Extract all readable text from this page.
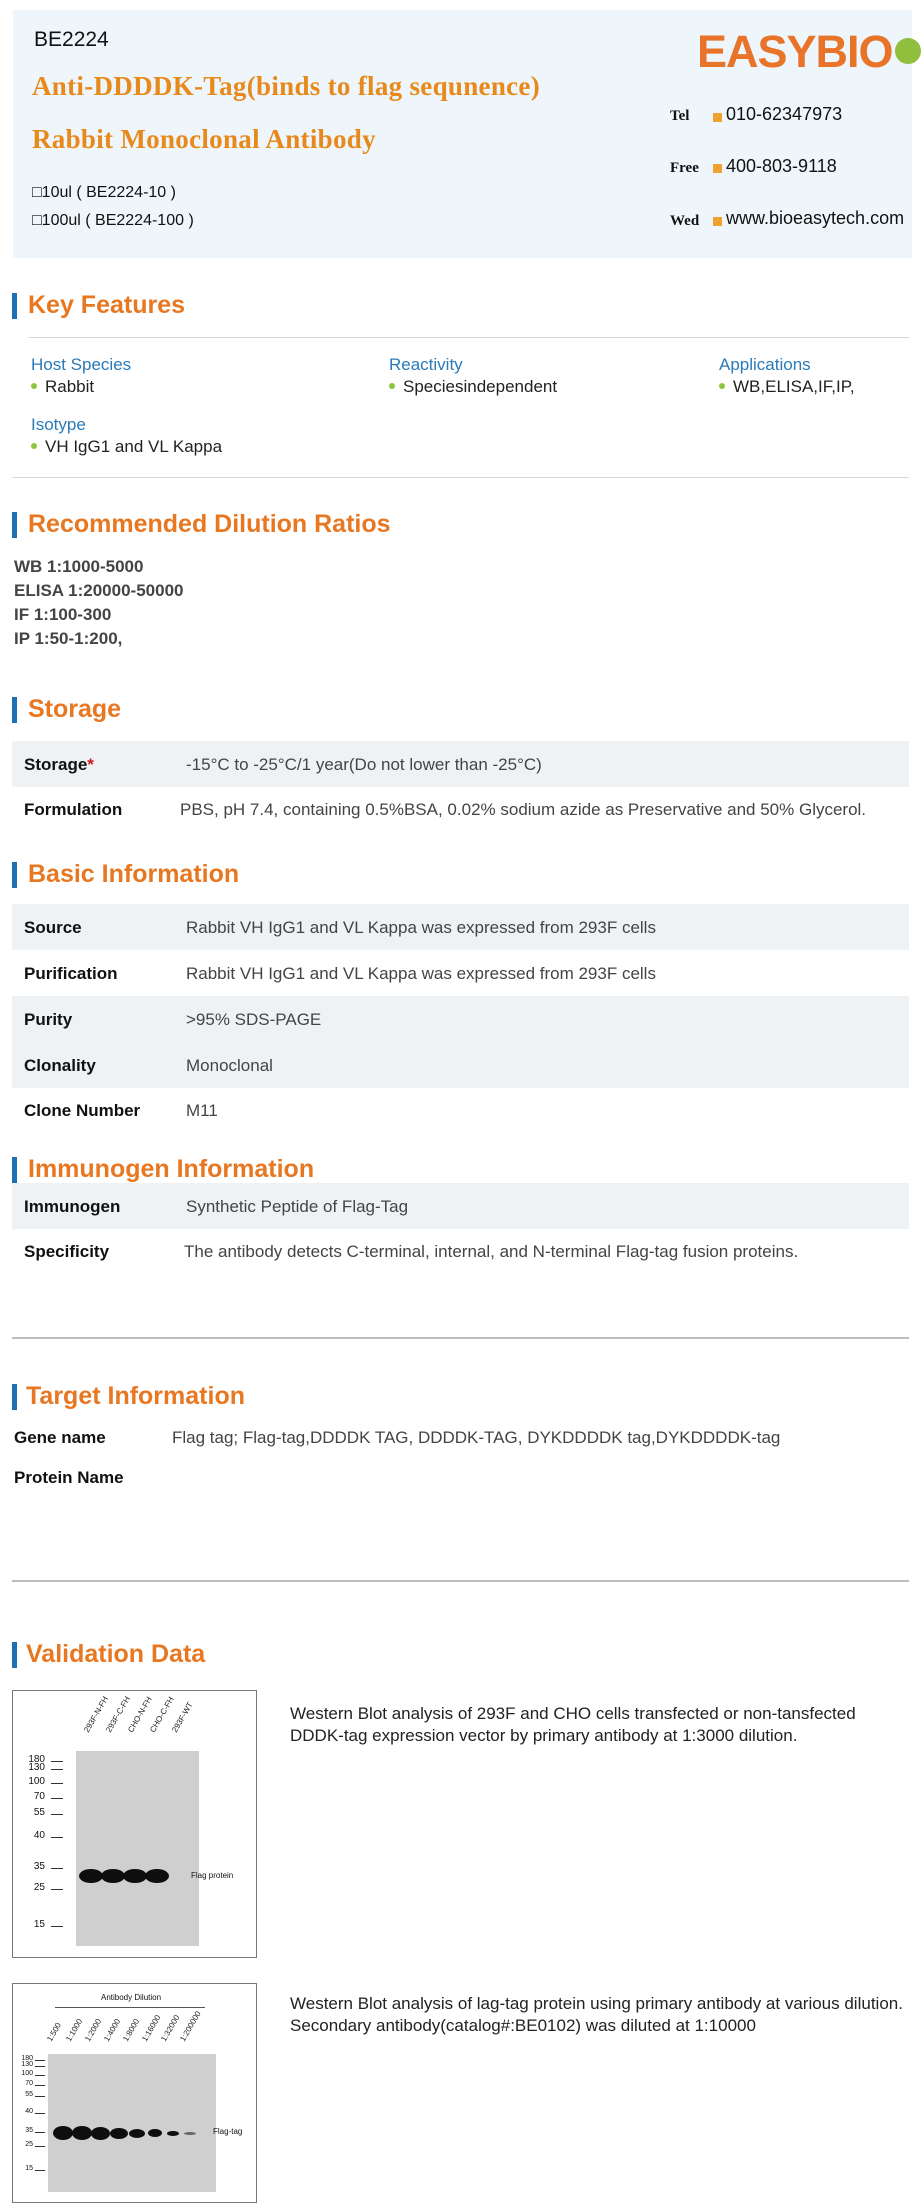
BE2224
Anti-DDDDK-Tag(binds to flag sequnence)
Rabbit Monoclonal Antibody
□10ul ( BE2224-10 )
□100ul ( BE2224-100 )
EASYBIO
Tel 010-62347973
Free 400-803-9118
Wed www.bioeasytech.com
Key Features
Host Species
Rabbit
Reactivity
Speciesindependent
Applications
WB,ELISA,IF,IP,
Isotype
VH IgG1 and VL Kappa
Recommended Dilution Ratios
WB 1:1000-5000
ELISA 1:20000-50000
IF 1:100-300
IP 1:50-1:200,
Storage
Storage*	-15°C to -25°C/1 year(Do not lower than -25°C)
Formulation	PBS, pH 7.4, containing 0.5%BSA, 0.02% sodium azide as Preservative and 50% Glycerol.
Basic Information
Source	Rabbit VH IgG1 and VL Kappa was expressed from 293F cells
Purification	Rabbit VH IgG1 and VL Kappa was expressed from 293F cells
Purity	>95% SDS-PAGE
Clonality	Monoclonal
Clone Number	M11
Immunogen Information
Immunogen	Synthetic Peptide of Flag-Tag
Specificity	The antibody detects C-terminal, internal, and N-terminal Flag-tag fusion proteins.
Target Information
Gene name	Flag tag; Flag-tag,DDDDK TAG, DDDDK-TAG, DYKDDDDK tag,DYKDDDDK-tag
Protein Name
Validation Data
293F-N-FH
293F-C-FH
CHO-N-FH
CHO-C-FH
293F-WT
Flag protein
180
130
100
70
55
40
35
25
15
Western Blot analysis of 293F and CHO cells transfected or non-tansfected DDDK-tag expression vector by primary antibody at 1:3000 dilution.
Antibody Dilution
1:500 1:1000
1:2000
1:4000
1:8000
1:16000
1:32000
1:200000
Flag-tag
180
130
100
70
55
40
35
25
15
Western Blot analysis of lag-tag protein using primary antibody at various dilution. Secondary antibody(catalog#:BE0102) was diluted at 1:10000
